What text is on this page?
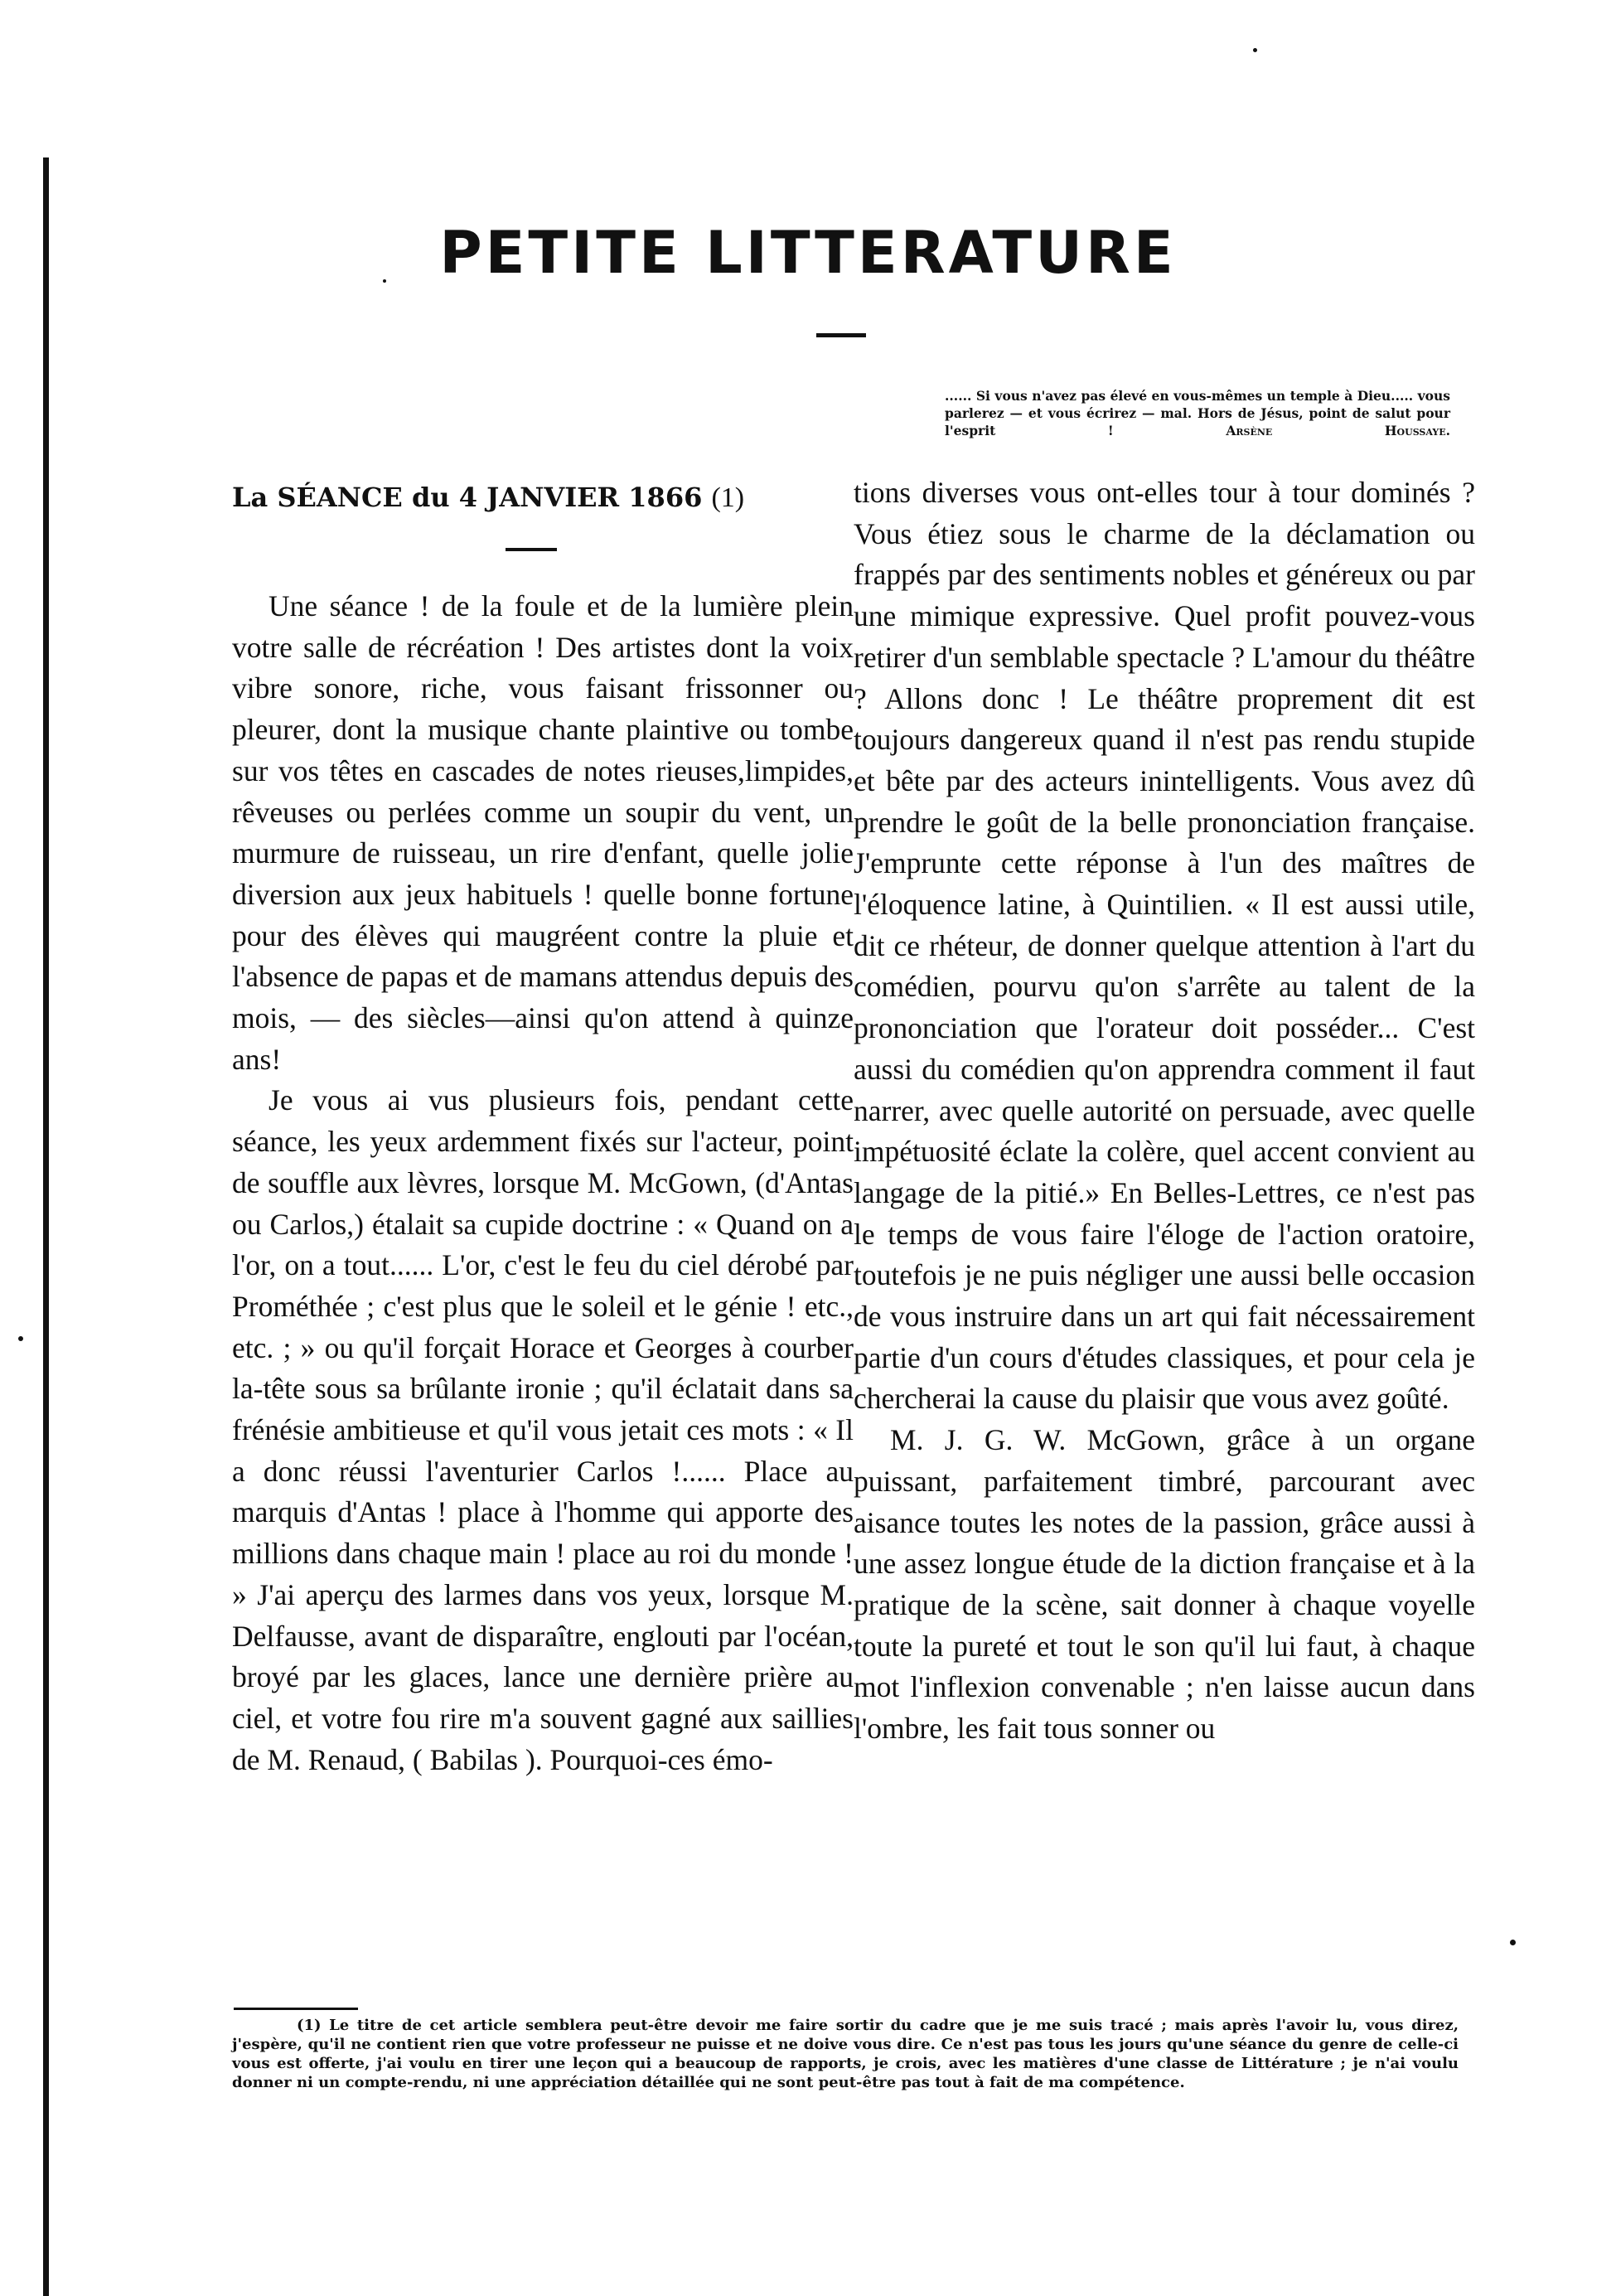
PETITE LITTERATURE
...... Si vous n'avez pas élevé en vous-mêmes un temple à Dieu..... vous parlerez — et vous écrirez — mal. Hors de Jésus, point de salut pour l'esprit !	Arsène Houssaye.

La SÉANCE du 4 JANVIER 1866 (1)

Une séance ! de la foule et de la lumière plein votre salle de récréation ! Des artistes dont la voix vibre sonore, riche, vous faisant frissonner ou pleurer, dont la musique chante plaintive ou tombe sur vos têtes en cascades de notes rieuses,limpides, rêveuses ou perlées comme un soupir du vent, un murmure de ruisseau, un rire d'enfant, quelle jolie diversion aux jeux habituels ! quelle bonne fortune pour des élèves qui maugréent contre la pluie et l'absence de papas et de mamans attendus depuis des mois, — des siècles—ainsi qu'on attend à quinze ans!

Je vous ai vus plusieurs fois, pendant cette séance, les yeux ardemment fixés sur l'acteur, point de souffle aux lèvres, lorsque M. McGown, (d'Antas ou Carlos,) étalait sa cupide doctrine : « Quand on a l'or, on a tout...... L'or, c'est le feu du ciel dérobé par Prométhée ; c'est plus que le soleil et le génie ! etc., etc. ; » ou qu'il forçait Horace et Georges à courber la-tête sous sa brûlante ironie ; qu'il éclatait dans sa frénésie ambitieuse et qu'il vous jetait ces mots : « Il a donc réussi l'aventurier Carlos !...... Place au marquis d'Antas ! place à l'homme qui apporte des millions dans chaque main ! place au roi du monde ! » J'ai aperçu des larmes dans vos yeux, lorsque M. Delfausse, avant de disparaître, englouti par l'océan, broyé par les glaces, lance une dernière prière au ciel, et votre fou rire m'a souvent gagné aux saillies de M. Renaud, ( Babilas ). Pourquoi-ces émo-

tions diverses vous ont-elles tour à tour dominés ? Vous étiez sous le charme de la déclamation ou frappés par des sentiments nobles et généreux ou par une mimique expressive. Quel profit pouvez-vous retirer d'un semblable spectacle ? L'amour du théâtre ? Allons donc ! Le théâtre proprement dit est toujours dangereux quand il n'est pas rendu stupide et bête par des acteurs inintelligents. Vous avez dû prendre le goût de la belle prononciation française. J'emprunte cette réponse à l'un des maîtres de l'éloquence latine, à Quintilien. « Il est aussi utile, dit ce rhéteur, de donner quelque attention à l'art du comédien, pourvu qu'on s'arrête au talent de la prononciation que l'orateur doit posséder... C'est aussi du comédien qu'on apprendra comment il faut narrer, avec quelle autorité on persuade, avec quelle impétuosité éclate la colère, quel accent convient au langage de la pitié.» En Belles-Lettres, ce n'est pas le temps de vous faire l'éloge de l'action oratoire, toutefois je ne puis négliger une aussi belle occasion de vous instruire dans un art qui fait nécessairement partie d'un cours d'études classiques, et pour cela je chercherai la cause du plaisir que vous avez goûté.

M. J. G. W. McGown, grâce à un organe puissant, parfaitement timbré, parcourant avec aisance toutes les notes de la passion, grâce aussi à une assez longue étude de la diction française et à la pratique de la scène, sait donner à chaque voyelle toute la pureté et tout le son qu'il lui faut, à chaque mot l'inflexion convenable ; n'en laisse aucun dans l'ombre, les fait tous sonner ou

(1) Le titre de cet article semblera peut-être devoir me faire sortir du cadre que je me suis tracé ; mais après l'avoir lu, vous direz, j'espère, qu'il ne contient rien que votre professeur ne puisse et ne doive vous dire. Ce n'est pas tous les jours qu'une séance du genre de celle-ci vous est offerte, j'ai voulu en tirer une leçon qui a beaucoup de rapports, je crois, avec les matières d'une classe de Littérature ; je n'ai voulu donner ni un compte-rendu, ni une appréciation détaillée qui ne sont peut-être pas tout à fait de ma compétence.
